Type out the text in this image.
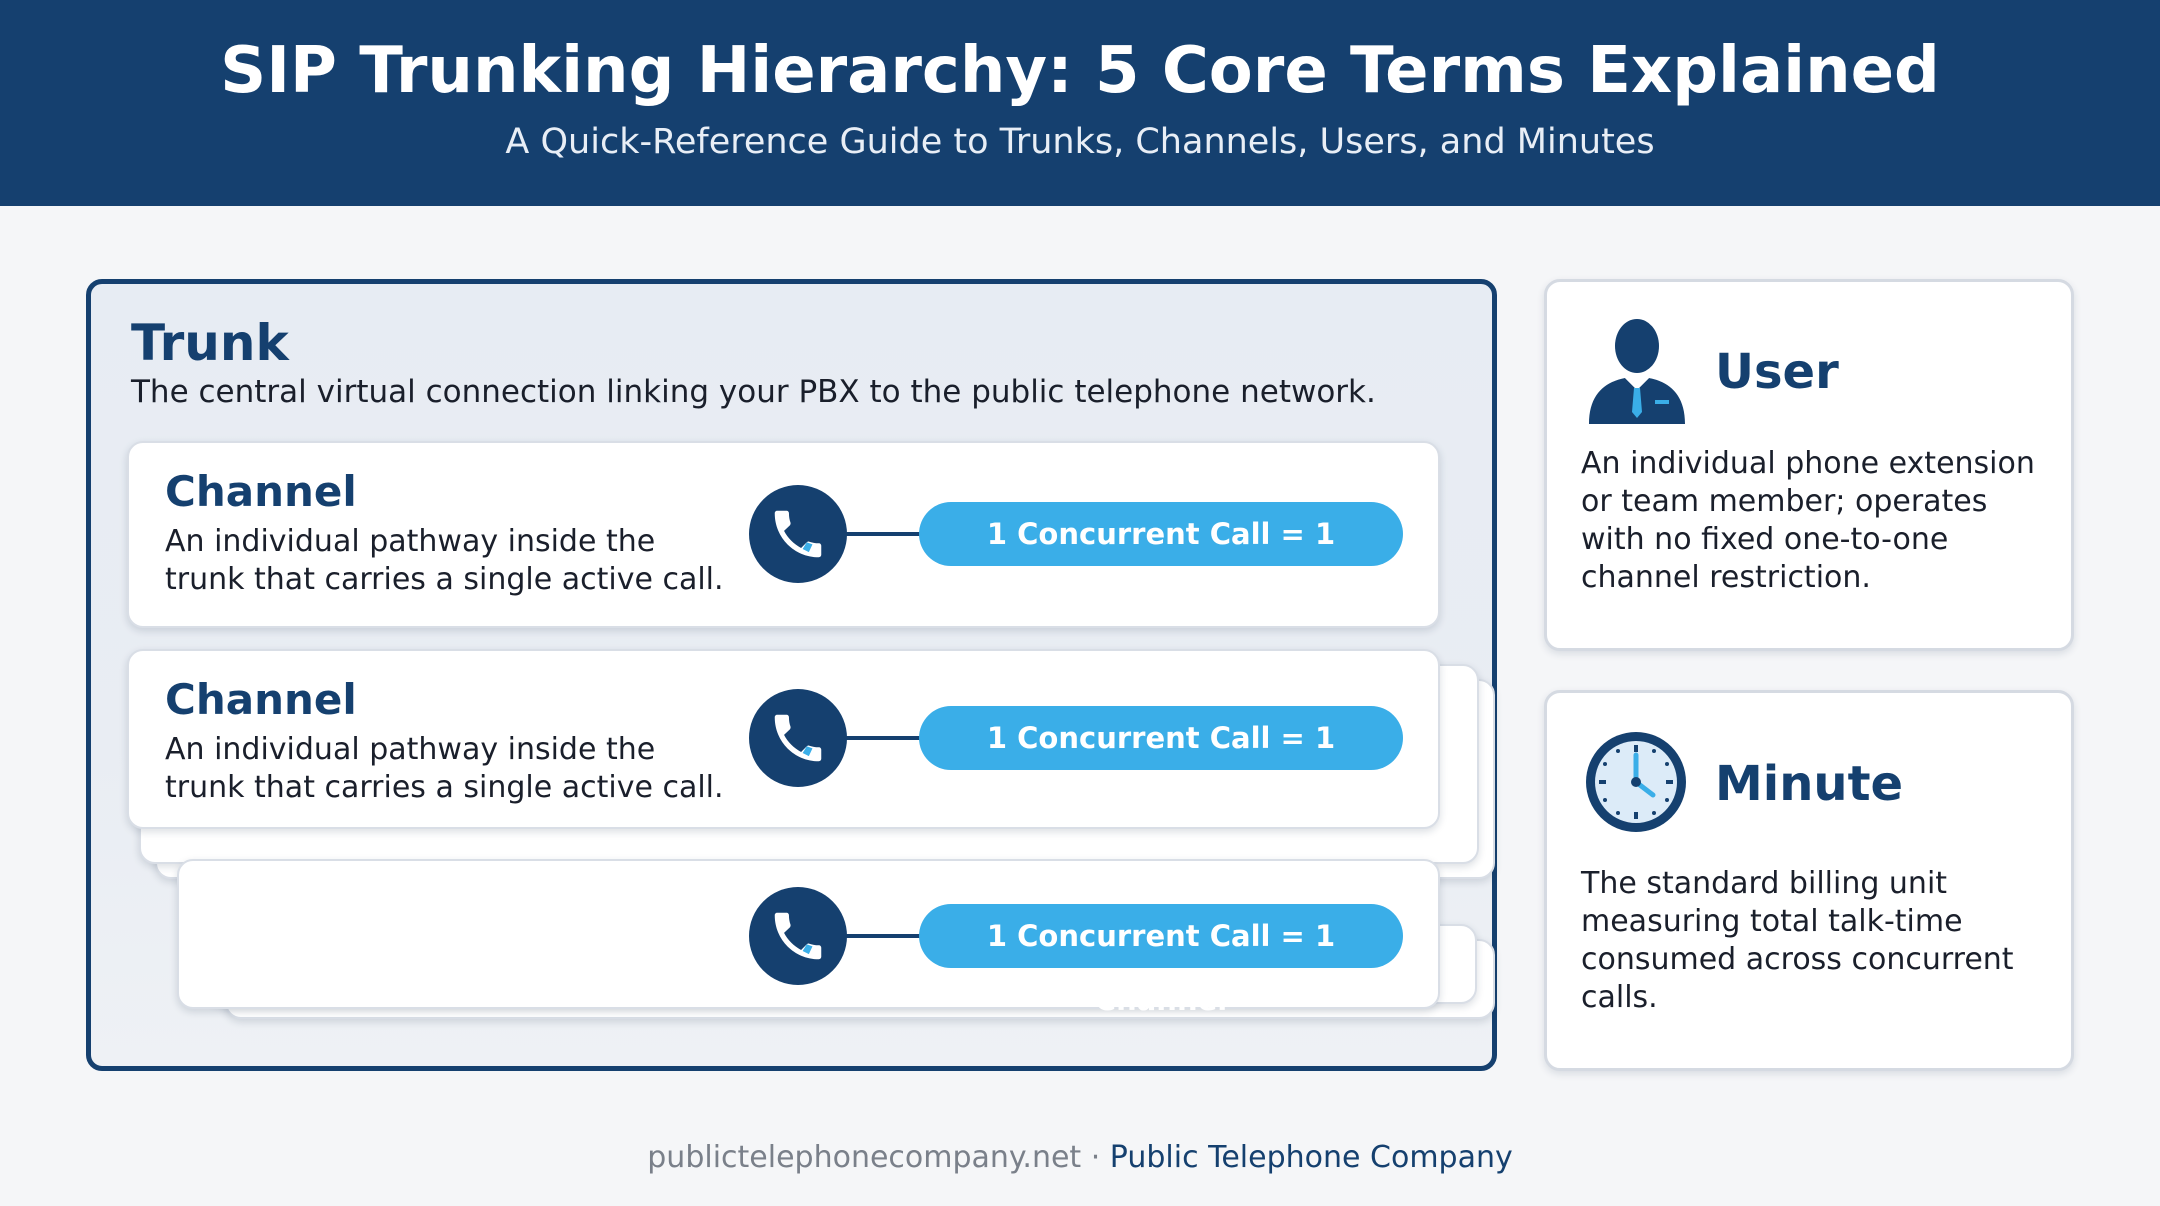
SIP Trunking Hierarchy: 5 Core Terms Explained
A Quick-Reference Guide to Trunks, Channels, Users, and Minutes
Trunk
The central virtual connection linking your PBX to the public telephone network.
Channel
An individual pathway inside the trunk that carries a single active call.
1 Concurrent Call = 1 Channel
Channel
An individual pathway inside the trunk that carries a single active call.
1 Concurrent Call = 1 Channel
1 Concurrent Call = 1 Channel
User
An individual phone extension or team member; operates with no fixed one-to-one channel restriction.
Minute
The standard billing unit measuring total talk-time consumed across concurrent calls.
publictelephonecompany.net · Public Telephone Company
